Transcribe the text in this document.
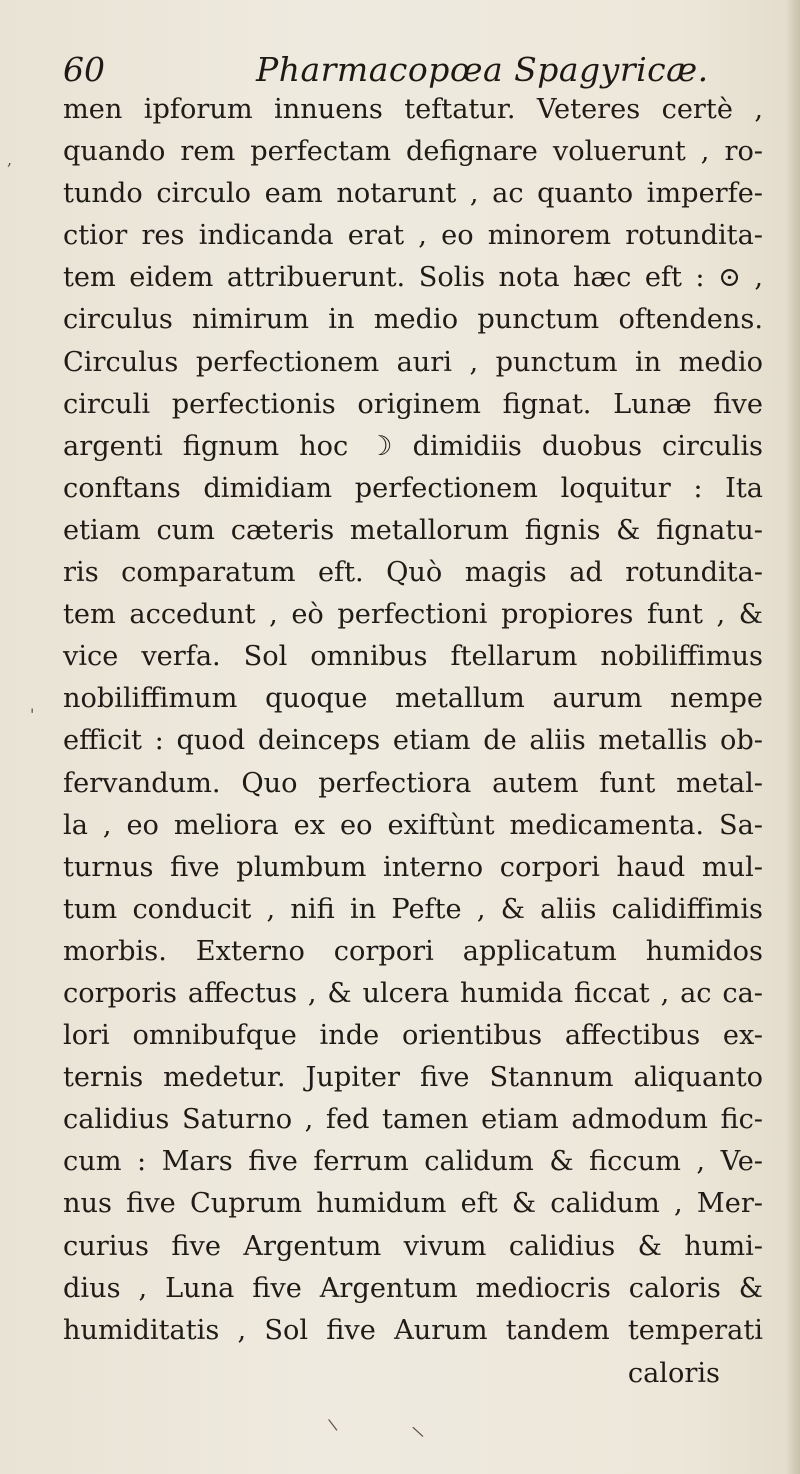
60	Pharmacopœa Spagyricæ.
men ipforum innuens teftatur. Veteres certè ,
quando rem perfectam defignare voluerunt , ro-
tundo circulo eam notarunt , ac quanto imperfe-
ctior res indicanda erat , eo minorem rotundita-
tem eidem attribuerunt. Solis nota hæc eft : ⊙ ,
circulus nimirum in medio punctum oftendens.
Circulus perfectionem auri , punctum in medio
circuli perfectionis originem fignat. Lunæ five
argenti fignum hoc ☽ dimidiis duobus circulis
conftans dimidiam perfectionem loquitur : Ita
etiam cum cæteris metallorum fignis & fignatu-
ris comparatum eft. Quò magis ad rotundita-
tem accedunt , eò perfectioni propiores funt , &
vice verfa. Sol omnibus ftellarum nobiliffimus
nobiliffimum quoque metallum aurum nempe
efficit : quod deinceps etiam de aliis metallis ob-
fervandum. Quo perfectiora autem funt metal-
la , eo meliora ex eo exiftùnt medicamenta. Sa-
turnus five plumbum interno corpori haud mul-
tum conducit , nifi in Pefte , & aliis calidiffimis
morbis. Externo corpori applicatum humidos
corporis affectus , & ulcera humida ficcat , ac ca-
lori omnibufque inde orientibus affectibus ex-
ternis medetur. Jupiter five Stannum aliquanto
calidius Saturno , fed tamen etiam admodum fic-
cum : Mars five ferrum calidum & ficcum , Ve-
nus five Cuprum humidum eft & calidum , Mer-
curius five Argentum vivum calidius & humi-
dius , Luna five Argentum mediocris caloris &
humiditatis , Sol five Aurum tandem temperati
caloris
,
'
\	\
